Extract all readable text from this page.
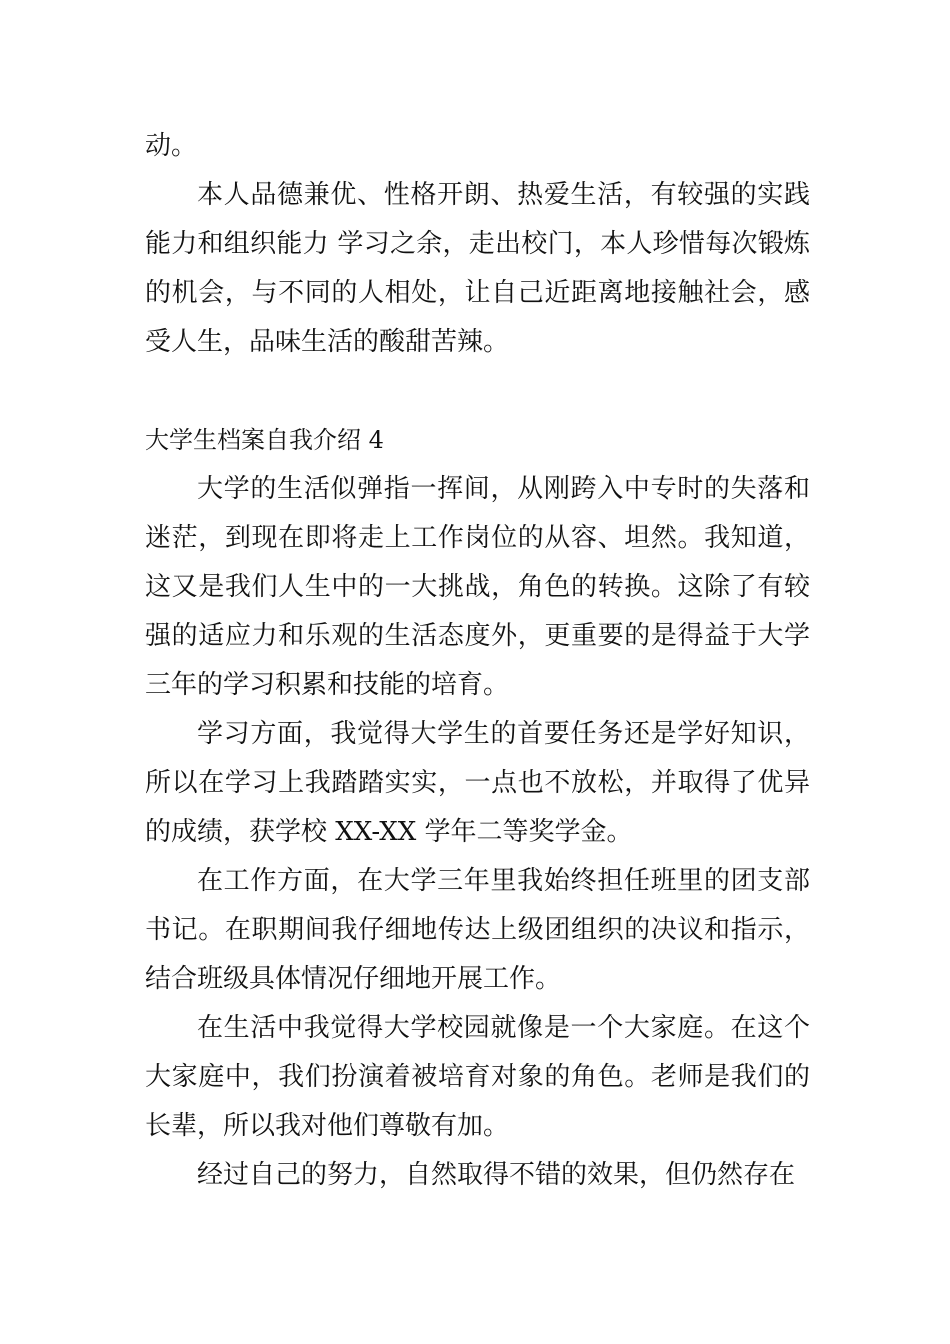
动。

本人品德兼优、性格开朗、热爱生活，有较强的实践能力和组织能力 学习之余，走出校门，本人珍惜每次锻炼的机会，与不同的人相处，让自己近距离地接触社会，感受人生，品味生活的酸甜苦辣。

大学生档案自我介绍 4

大学的生活似弹指一挥间，从刚跨入中专时的失落和迷茫，到现在即将走上工作岗位的从容、坦然。我知道，这又是我们人生中的一大挑战，角色的转换。这除了有较强的适应力和乐观的生活态度外，更重要的是得益于大学三年的学习积累和技能的培育。

学习方面，我觉得大学生的首要任务还是学好知识，所以在学习上我踏踏实实，一点也不放松，并取得了优异的成绩，获学校 XX-XX 学年二等奖学金。

在工作方面，在大学三年里我始终担任班里的团支部书记。在职期间我仔细地传达上级团组织的决议和指示，结合班级具体情况仔细地开展工作。

在生活中我觉得大学校园就像是一个大家庭。在这个大家庭中，我们扮演着被培育对象的角色。老师是我们的长辈，所以我对他们尊敬有加。

经过自己的努力，自然取得不错的效果，但仍然存在
